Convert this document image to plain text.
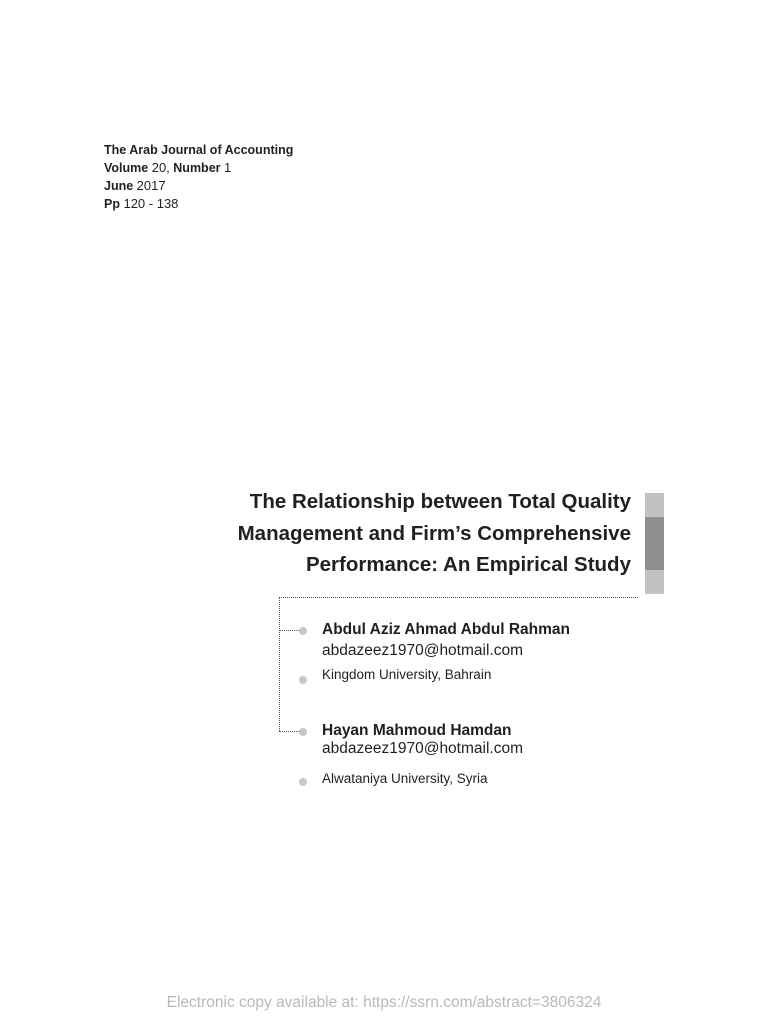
The Arab Journal of Accounting
Volume 20, Number 1
June 2017
Pp 120 - 138
The Relationship between Total Quality
Management and Firm’s Comprehensive
Performance: An Empirical Study
Abdul Aziz Ahmad Abdul Rahman
abdazeez1970@hotmail.com
Kingdom University, Bahrain
Hayan Mahmoud Hamdan
abdazeez1970@hotmail.com
Alwataniya University, Syria
Electronic copy available at: https://ssrn.com/abstract=3806324
